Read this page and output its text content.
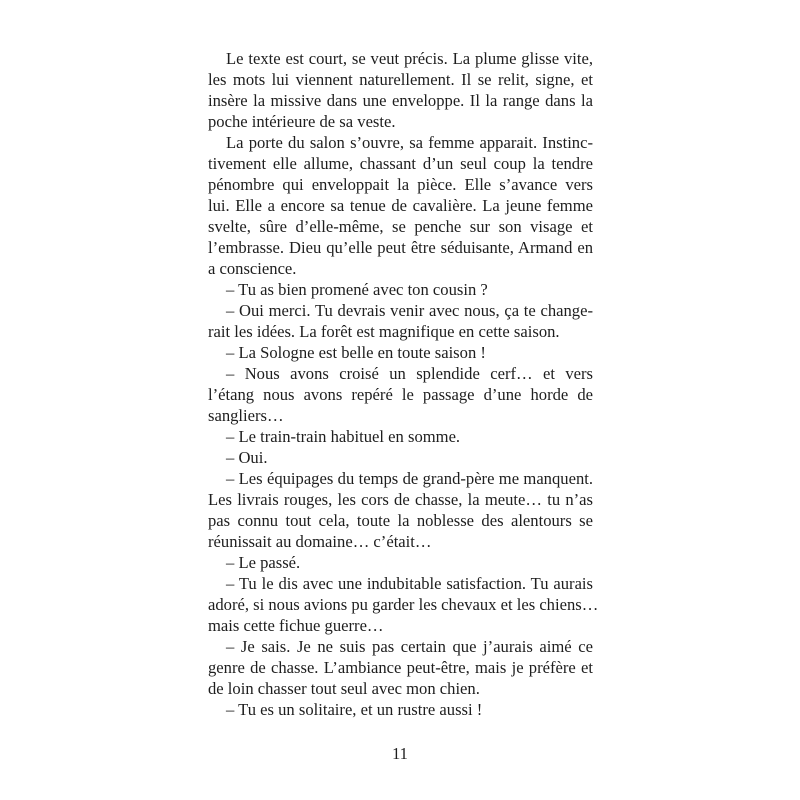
Le texte est court, se veut précis. La plume glisse vite,
les mots lui viennent naturellement. Il se relit, signe, et
insère la missive dans une enveloppe. Il la range dans la
poche intérieure de sa veste.
La porte du salon s’ouvre, sa femme apparait. Instinc-
tivement elle allume, chassant d’un seul coup la tendre
pénombre qui enveloppait la pièce. Elle s’avance vers
lui. Elle a encore sa tenue de cavalière. La jeune femme
svelte, sûre d’elle-même, se penche sur son visage et
l’embrasse. Dieu qu’elle peut être séduisante, Armand en
a conscience.
– Tu as bien promené avec ton cousin ?
– Oui merci. Tu devrais venir avec nous, ça te change-
rait les idées. La forêt est magnifique en cette saison.
– La Sologne est belle en toute saison !
– Nous avons croisé un splendide cerf… et vers
l’étang nous avons repéré le passage d’une horde de
sangliers…
– Le train-train habituel en somme.
– Oui.
– Les équipages du temps de grand-père me manquent.
Les livrais rouges, les cors de chasse, la meute… tu n’as
pas connu tout cela, toute la noblesse des alentours se
réunissait au domaine… c’était…
– Le passé.
– Tu le dis avec une indubitable satisfaction. Tu aurais
adoré, si nous avions pu garder les chevaux et les chiens…
mais cette fichue guerre…
– Je sais. Je ne suis pas certain que j’aurais aimé ce
genre de chasse. L’ambiance peut-être, mais je préfère et
de loin chasser tout seul avec mon chien.
– Tu es un solitaire, et un rustre aussi !
11
